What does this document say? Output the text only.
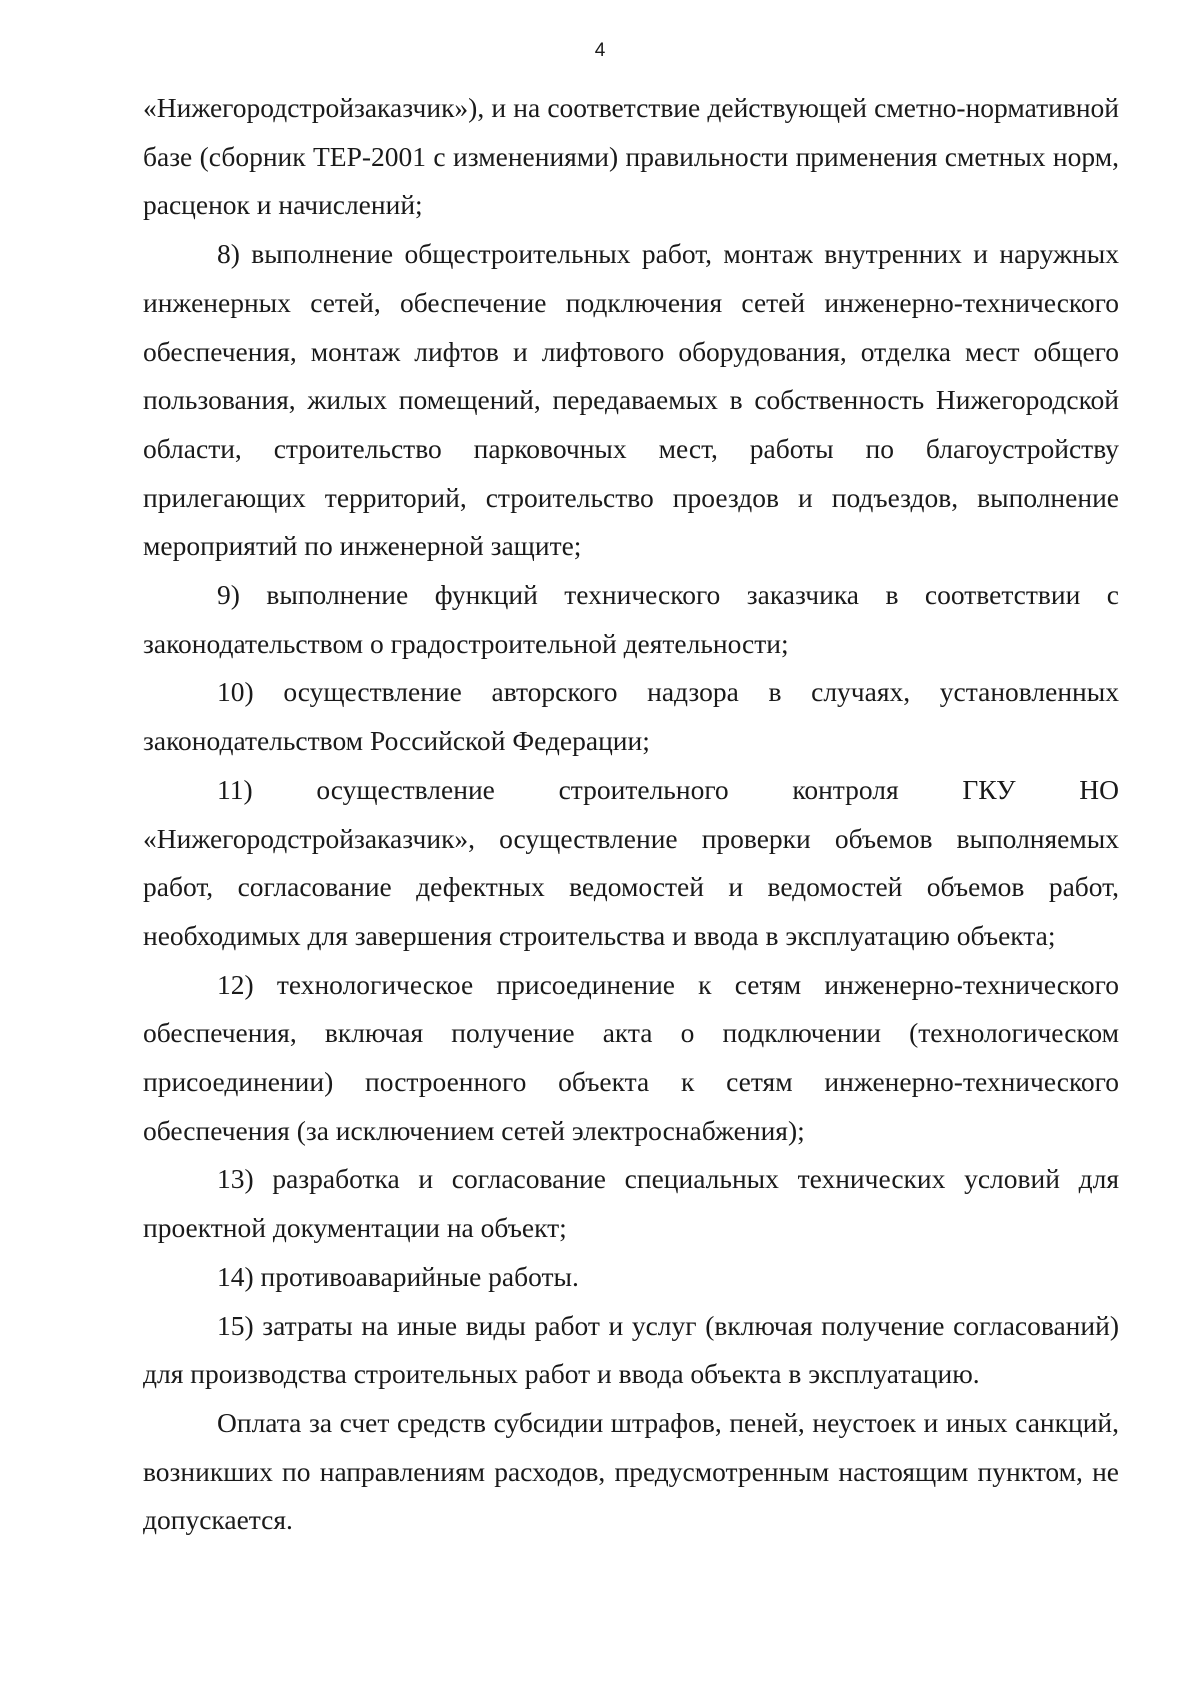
4

«Нижегородстройзаказчик»), и на соответствие действующей сметно-нормативной базе (сборник ТЕР-2001 с изменениями) правильности применения сметных норм, расценок и начислений;

8) выполнение общестроительных работ, монтаж внутренних и наружных инженерных сетей, обеспечение подключения сетей инженерно-технического обеспечения, монтаж лифтов и лифтового оборудования, отделка мест общего пользования, жилых помещений, передаваемых в собственность Нижегородской области, строительство парковочных мест, работы по благоустройству прилегающих территорий, строительство проездов и подъездов, выполнение мероприятий по инженерной защите;

9) выполнение функций технического заказчика в соответствии с законодательством о градостроительной деятельности;

10) осуществление авторского надзора в случаях, установленных законодательством Российской Федерации;

11) осуществление строительного контроля ГКУ НО «Нижегородстройзаказчик», осуществление проверки объемов выполняемых работ, согласование дефектных ведомостей и ведомостей объемов работ, необходимых для завершения строительства и ввода в эксплуатацию объекта;

12) технологическое присоединение к сетям инженерно-технического обеспечения, включая получение акта о подключении (технологическом присоединении) построенного объекта к сетям инженерно-технического обеспечения (за исключением сетей электроснабжения);

13) разработка и согласование специальных технических условий для проектной документации на объект;

14) противоаварийные работы.

15) затраты на иные виды работ и услуг (включая получение согласований) для производства строительных работ и ввода объекта в эксплуатацию.

Оплата за счет средств субсидии штрафов, пеней, неустоек и иных санкций, возникших по направлениям расходов, предусмотренным настоящим пунктом, не допускается.
